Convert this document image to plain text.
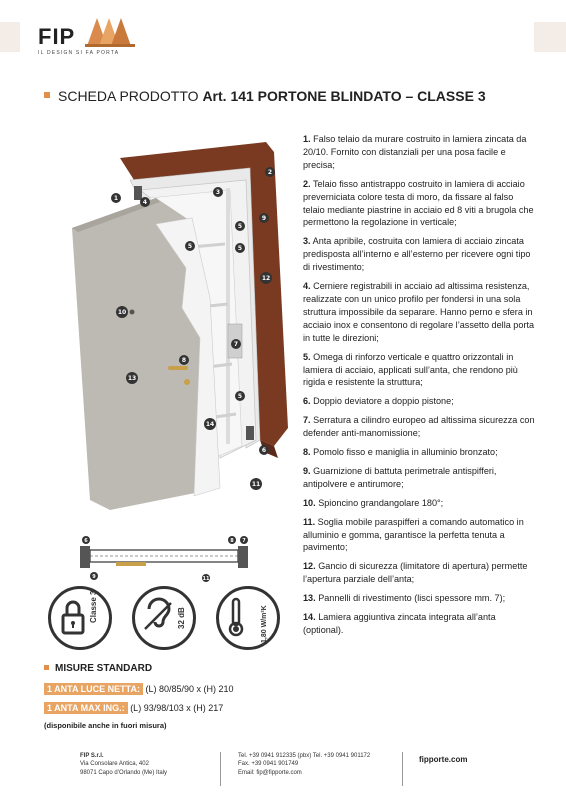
FIP
IL DESIGN SI FA PORTA
SCHEDA PRODOTTO Art. 141 PORTONE BLINDATO – CLASSE 3
1
2
3
4
5	5
5
5
6
7
8
9
10
11
12
13
14
6	8 7
9	11
Classe 3	32 dB	1,80 W/m²K
1. Falso telaio da murare costruito in lamiera zincata da 20/10. Fornito con distanziali per una posa facile e precisa;
2. Telaio fisso antistrappo costruito in lamiera di acciaio preverniciata colore testa di moro, da fissare al falso telaio mediante piastrine in acciaio ed 8 viti a brugola che permettono la regolazione in verticale;
3. Anta apribile, costruita con lamiera di acciaio zincata predisposta all’interno e all’esterno per ricevere ogni tipo di rivestimento;
4. Cerniere registrabili in acciaio ad altissima resistenza, realizzate con un unico profilo per fondersi in una sola struttura impossibile da separare. Hanno perno e sfera in acciaio inox e consentono di regolare l’assetto della porta in tutte le direzioni;
5. Omega di rinforzo verticale e quattro orizzontali in lamiera di acciaio, applicati sull’anta, che rendono più rigida e resistente la struttura;
6. Doppio deviatore a doppio pistone;
7. Serratura a cilindro europeo ad altissima sicurezza con defender anti-manomissione;
8. Pomolo fisso e maniglia in alluminio bronzato;
9. Guarnizione di battuta perimetrale antispifferi, antipolvere e antirumore;
10. Spioncino grandangolare 180°;
11. Soglia mobile paraspifferi a comando automatico in alluminio e gomma, garantisce la perfetta tenuta a pavimento;
12. Gancio di sicurezza (limitatore di apertura) permette l’apertura parziale dell’anta;
13. Pannelli di rivestimento (lisci spessore mm. 7);
14. Lamiera aggiuntiva zincata integrata all’anta (optional).
MISURE STANDARD
1 ANTA LUCE NETTA: (L) 80/85/90 x (H) 210
1 ANTA MAX ING.: (L) 93/98/103 x (H) 217
(disponibile anche in fuori misura)
FIP S.r.l.
Via Consolare Antica, 402
98071 Capo d’Orlando (Me) Italy
Tel. +39 0941 912335 (pbx) Tel. +39 0941 901172
Fax. +39 0941 901749
Email: fip@fipporte.com
fipporte.com
